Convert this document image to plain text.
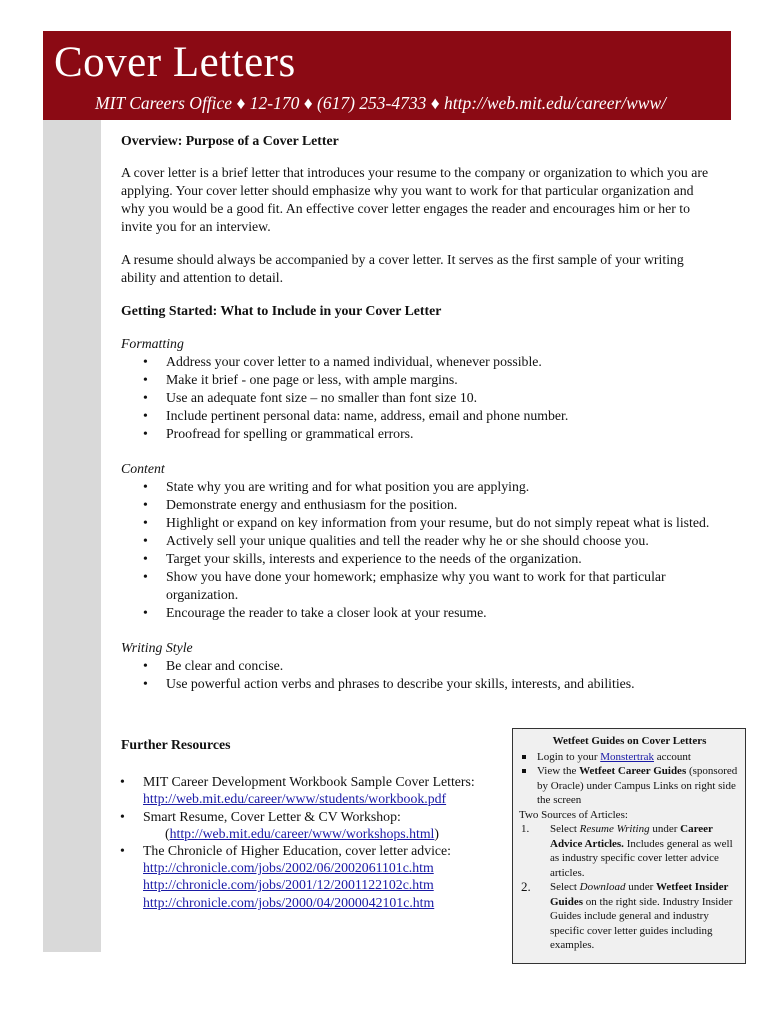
Cover Letters
MIT Careers Office ♦ 12-170 ♦ (617) 253-4733 ♦ http://web.mit.edu/career/www/

Overview: Purpose of a Cover Letter

A cover letter is a brief letter that introduces your resume to the company or organization to which you are applying. Your cover letter should emphasize why you want to work for that particular organization and why you would be a good fit. An effective cover letter engages the reader and encourages him or her to invite you for an interview.

A resume should always be accompanied by a cover letter. It serves as the first sample of your writing ability and attention to detail.

Getting Started: What to Include in your Cover Letter

Formatting

• Address your cover letter to a named individual, whenever possible.
• Make it brief - one page or less, with ample margins.
• Use an adequate font size – no smaller than font size 10.
• Include pertinent personal data: name, address, email and phone number.
• Proofread for spelling or grammatical errors.

Content

• State why you are writing and for what position you are applying.
• Demonstrate energy and enthusiasm for the position.
• Highlight or expand on key information from your resume, but do not simply repeat what is listed.
• Actively sell your unique qualities and tell the reader why he or she should choose you.
• Target your skills, interests and experience to the needs of the organization.
• Show you have done your homework; emphasize why you want to work for that particular organization.
• Encourage the reader to take a closer look at your resume.

Writing Style

• Be clear and concise.
• Use powerful action verbs and phrases to describe your skills, interests, and abilities.

Further Resources

• MIT Career Development Workbook Sample Cover Letters:
http://web.mit.edu/career/www/students/workbook.pdf
• Smart Resume, Cover Letter & CV Workshop:
(http://web.mit.edu/career/www/workshops.html)
• The Chronicle of Higher Education, cover letter advice:
http://chronicle.com/jobs/2002/06/2002061101c.htm
http://chronicle.com/jobs/2001/12/2001122102c.htm
http://chronicle.com/jobs/2000/04/2000042101c.htm

Wetfeet Guides on Cover Letters

Login to your Monstertrak account
View the Wetfeet Career Guides (sponsored by Oracle) under Campus Links on right side the screen
Two Sources of Articles:
1. Select Resume Writing under Career Advice Articles. Includes general as well as industry specific cover letter advice articles.
2. Select Download under Wetfeet Insider Guides on the right side. Industry Insider Guides include general and industry specific cover letter guides including examples.
